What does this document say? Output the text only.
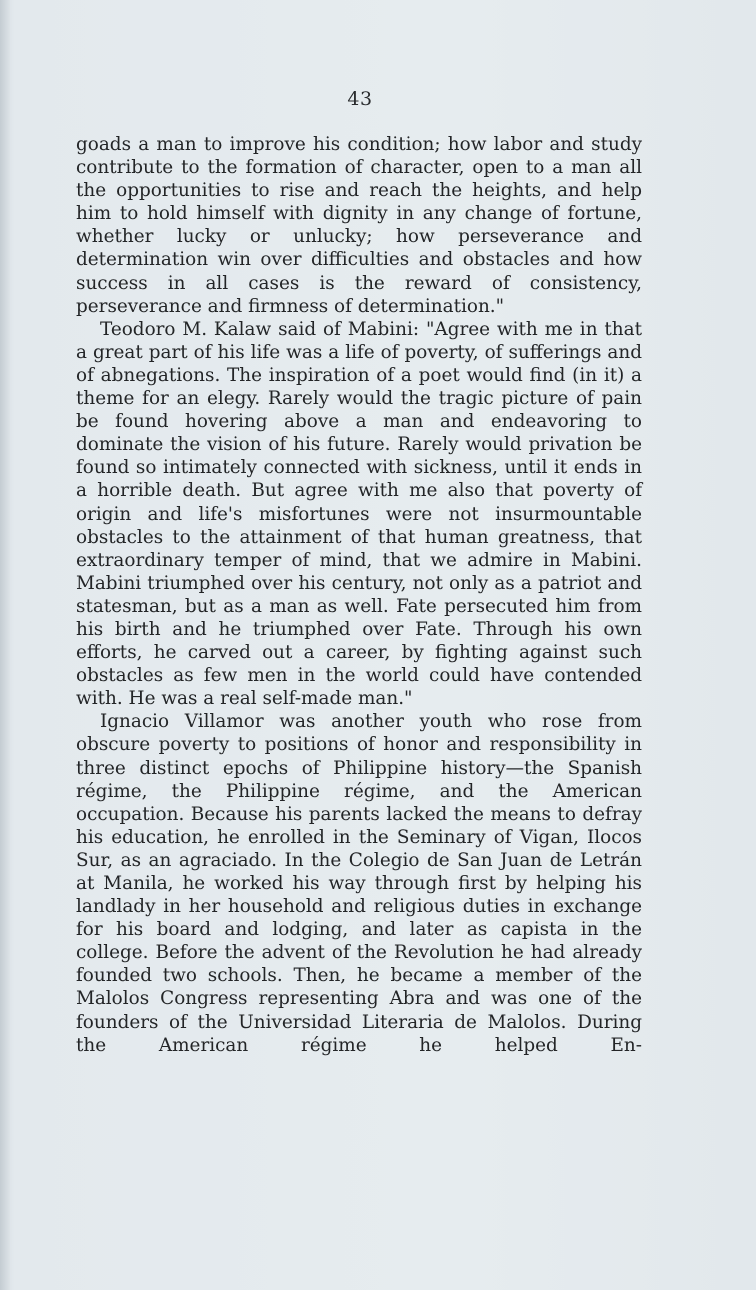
43

goads a man to improve his condition; how labor and study contribute to the formation of character, open to a man all the opportunities to rise and reach the heights, and help him to hold himself with dignity in any change of fortune, whether lucky or unlucky; how perseverance and determination win over difficulties and obstacles and how success in all cases is the reward of consistency, perseverance and firmness of determination."

Teodoro M. Kalaw said of Mabini: "Agree with me in that a great part of his life was a life of poverty, of sufferings and of abnegations. The inspiration of a poet would find (in it) a theme for an elegy. Rarely would the tragic picture of pain be found hovering above a man and endeavoring to dominate the vision of his future. Rarely would privation be found so intimately connected with sickness, until it ends in a horrible death. But agree with me also that poverty of origin and life's misfortunes were not insurmountable obstacles to the attainment of that human greatness, that extraordinary temper of mind, that we admire in Mabini. Mabini triumphed over his century, not only as a patriot and statesman, but as a man as well. Fate persecuted him from his birth and he triumphed over Fate. Through his own efforts, he carved out a career, by fighting against such obstacles as few men in the world could have contended with. He was a real self-made man."

Ignacio Villamor was another youth who rose from obscure poverty to positions of honor and responsibility in three distinct epochs of Philippine history—the Spanish régime, the Philippine régime, and the American occupation. Because his parents lacked the means to defray his education, he enrolled in the Seminary of Vigan, Ilocos Sur, as an agraciado. In the Colegio de San Juan de Letrán at Manila, he worked his way through first by helping his landlady in her household and religious duties in exchange for his board and lodging, and later as capista in the college. Before the advent of the Revolution he had already founded two schools. Then, he became a member of the Malolos Congress representing Abra and was one of the founders of the Universidad Literaria de Malolos. During the American régime he helped En-
